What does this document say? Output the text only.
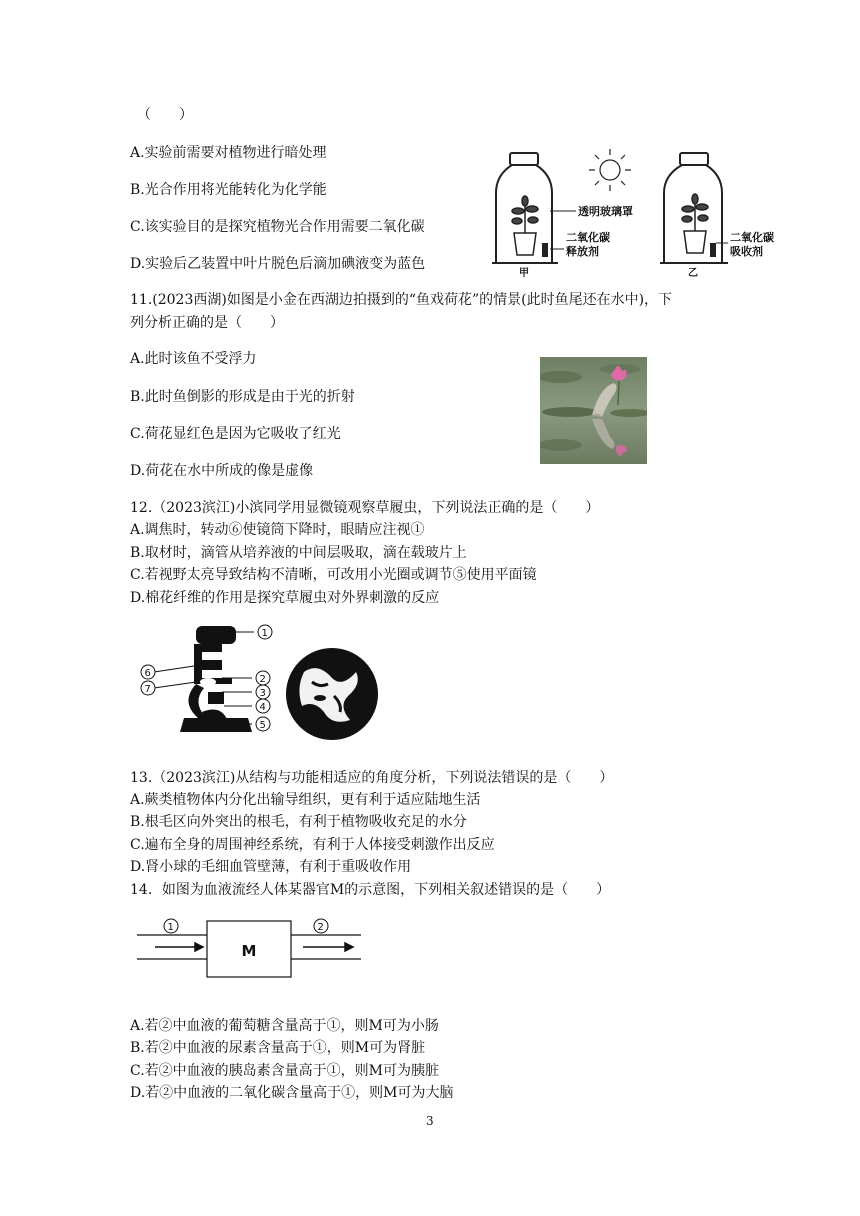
（　　）
A.实验前需要对植物进行暗处理
B.光合作用将光能转化为化学能
C.该实验目的是探究植物光合作用需要二氧化碳
D.实验后乙装置中叶片脱色后滴加碘液变为蓝色
透明玻璃罩
二氧化碳
释放剂
二氧化碳
吸收剂
甲	乙
11.(2023西湖)如图是小金在西湖边拍摄到的“鱼戏荷花”的情景(此时鱼尾还在水中)，下
列分析正确的是（　　）
A.此时该鱼不受浮力
B.此时鱼倒影的形成是由于光的折射
C.荷花显红色是因为它吸收了红光
D.荷花在水中所成的像是虚像
12.（2023滨江)小滨同学用显微镜观察草履虫，下列说法正确的是（　　）
A.调焦时，转动⑥使镜筒下降时，眼睛应注视①
B.取材时，滴管从培养液的中间层吸取，滴在载玻片上
C.若视野太亮导致结构不清晰，可改用小光圈或调节⑤使用平面镜
D.棉花纤维的作用是探究草履虫对外界刺激的反应
1
2
3
4
5
6
7
13.（2023滨江)从结构与功能相适应的角度分析，下列说法错误的是（　　）
A.蕨类植物体内分化出输导组织，更有利于适应陆地生活
B.根毛区向外突出的根毛，有利于植物吸收充足的水分
C.遍布全身的周围神经系统，有利于人体接受刺激作出反应
D.肾小球的毛细血管壁薄，有利于重吸收作用
14．如图为血液流经人体某器官M的示意图，下列相关叙述错误的是（　　）
1	2
M
A.若②中血液的葡萄糖含量高于①，则M可为小肠
B.若②中血液的尿素含量高于①，则M可为肾脏
C.若②中血液的胰岛素含量高于①，则M可为胰脏
D.若②中血液的二氧化碳含量高于①，则M可为大脑
3
